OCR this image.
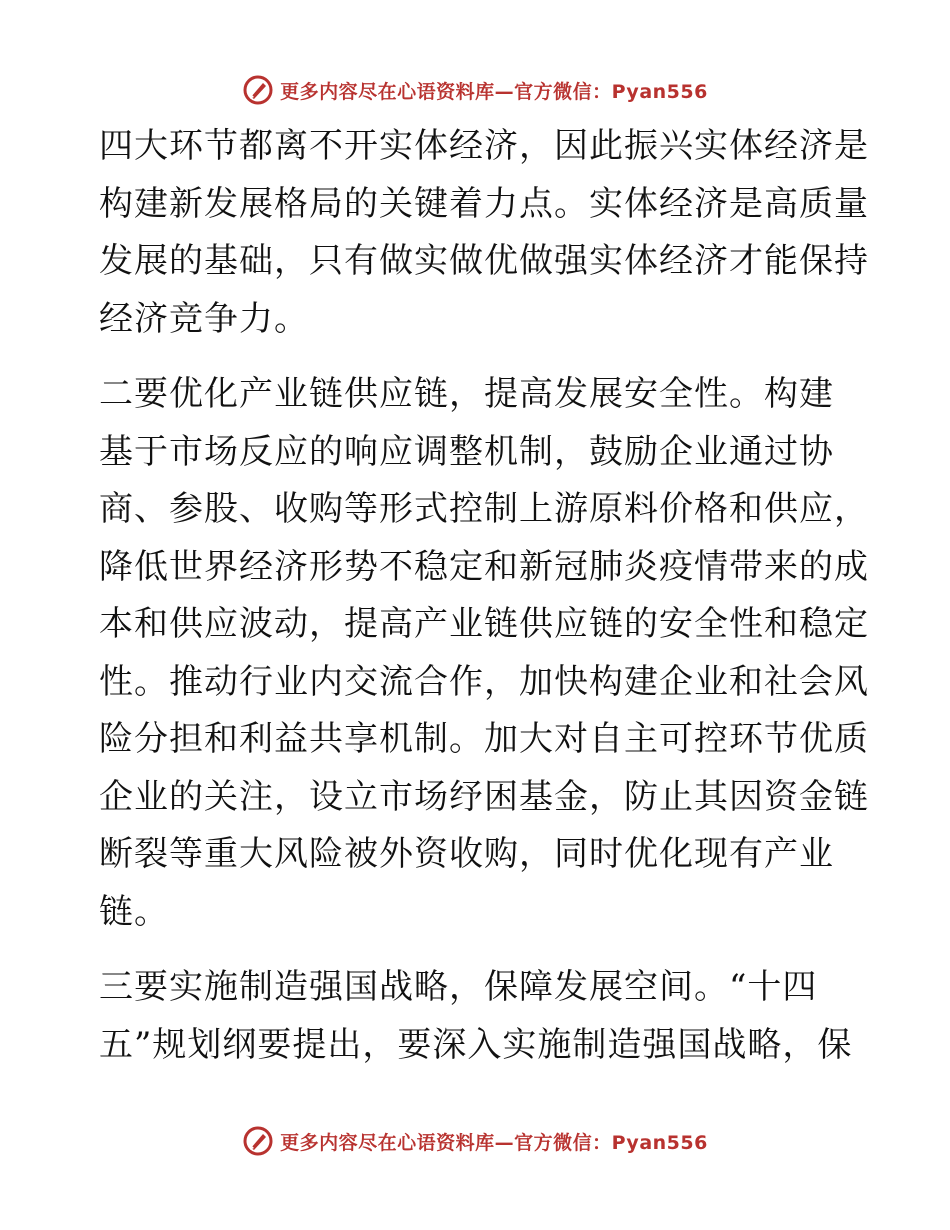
更多内容尽在心语资料库—官方微信：Pyan556
四大环节都离不开实体经济，因此振兴实体经济是
构建新发展格局的关键着力点。实体经济是高质量
发展的基础，只有做实做优做强实体经济才能保持
经济竞争力。
二要优化产业链供应链，提高发展安全性。构建
基于市场反应的响应调整机制，鼓励企业通过协
商、参股、收购等形式控制上游原料价格和供应，
降低世界经济形势不稳定和新冠肺炎疫情带来的成
本和供应波动，提高产业链供应链的安全性和稳定
性。推动行业内交流合作，加快构建企业和社会风
险分担和利益共享机制。加大对自主可控环节优质
企业的关注，设立市场纾困基金，防止其因资金链
断裂等重大风险被外资收购，同时优化现有产业
链。
三要实施制造强国战略，保障发展空间。“十四
五”规划纲要提出，要深入实施制造强国战略，保
更多内容尽在心语资料库—官方微信：Pyan556
